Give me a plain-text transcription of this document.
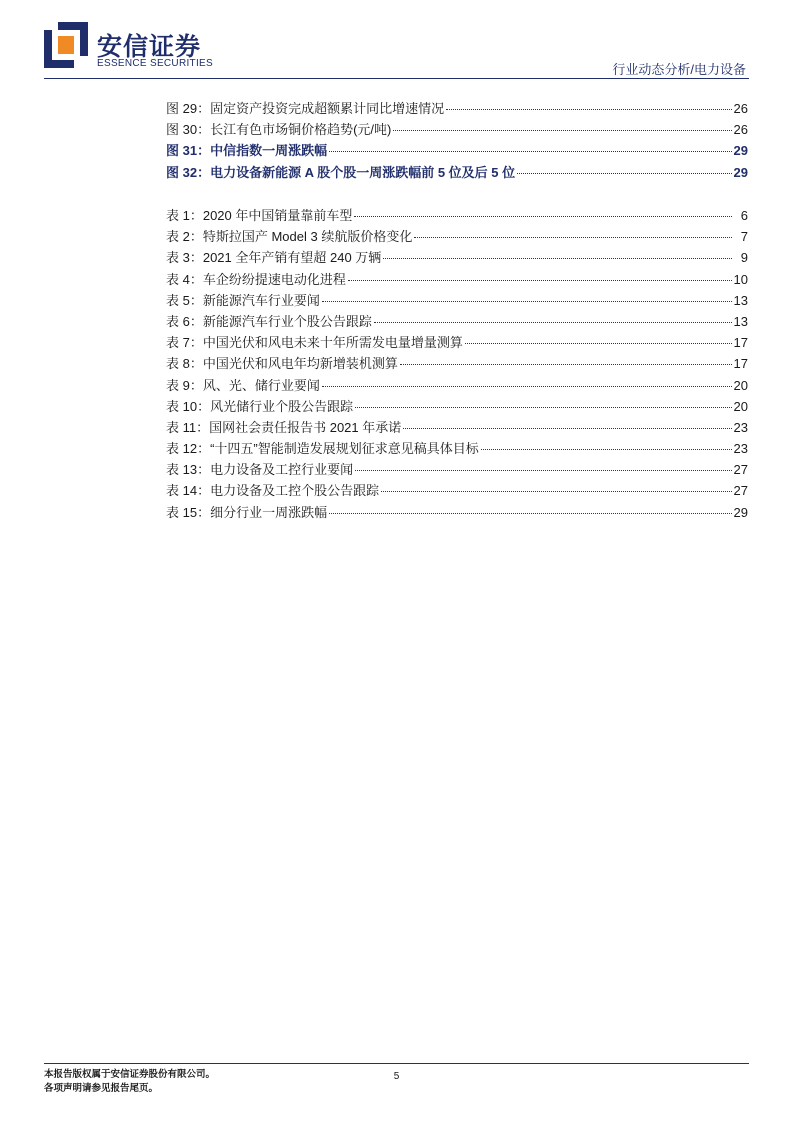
安信证券
ESSENCE SECURITIES	行业动态分析/电力设备
图 29：固定资产投资完成超额累计同比增速情况	26
图 30：长江有色市场铜价格趋势(元/吨)	26
图 31：中信指数一周涨跌幅	29
图 32：电力设备新能源 A 股个股一周涨跌幅前 5 位及后 5 位	29
表 1：2020 年中国销量靠前车型	6
表 2：特斯拉国产 Model 3 续航版价格变化	7
表 3：2021 全年产销有望超 240 万辆	9
表 4：车企纷纷提速电动化进程	10
表 5：新能源汽车行业要闻	13
表 6：新能源汽车行业个股公告跟踪	13
表 7：中国光伏和风电未来十年所需发电量增量测算	17
表 8：中国光伏和风电年均新增装机测算	17
表 9：风、光、储行业要闻	20
表 10：风光储行业个股公告跟踪	20
表 11：国网社会责任报告书 2021 年承诺	23
表 12：“十四五”智能制造发展规划征求意见稿具体目标	23
表 13：电力设备及工控行业要闻	27
表 14：电力设备及工控个股公告跟踪	27
表 15：细分行业一周涨跌幅	29
本报告版权属于安信证券股份有限公司。
各项声明请参见报告尾页。
5
